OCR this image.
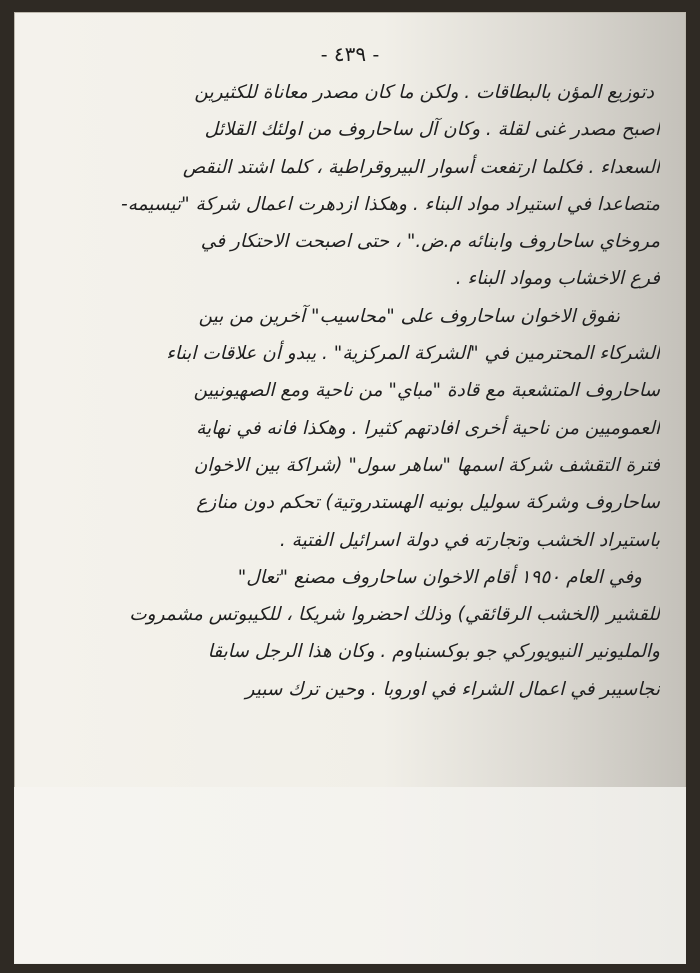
- ٤٣٩ -
دتوزيع المؤن بالبطاقات . ولكن ما كان مصدر معاناة للكثيرين
اصبح مصدر غنى لقلة . وكان آل ساحاروف من اولئك القلائل
السعداء . فكلما ارتفعت أسوار البيروقراطية ، كلما اشتد النقص
متصاعدا في استيراد مواد البناء . وهكذا ازدهرت اعمال شركة "تيسيمه-
مروخاي ساحاروف وابنائه م.ض." ، حتى اصبحت الاحتكار في
فرع الاخشاب ومواد البناء .
تفوق الاخوان ساحاروف على "محاسيب" آخرين من بين
الشركاء المحترمين في "الشركة المركزية" . يبدو أن علاقات ابناء
ساحاروف المتشعبة مع قادة "مباي" من ناحية ومع الصهيونيين
العموميين من ناحية أخرى افادتهم كثيرا . وهكذا فانه في نهاية
فترة التقشف شركة اسمها "ساهر سول" (شراكة بين الاخوان
ساحاروف وشركة سوليل بونيه الهستدروتية) تحكم دون منازع
باستيراد الخشب وتجارته في دولة اسرائيل الفتية .
وفي العام ١٩٥٠ أقام الاخوان ساحاروف مصنع "تعال"
للقشير (الخشب الرقائقي) وذلك احضروا شريكا ، للكيبوتس مشمروت
والمليونير النيويوركي جو بوكسنباوم . وكان هذا الرجل سابقا
نجاسيبر في اعمال الشراء في اوروبا . وحين ترك سبير
